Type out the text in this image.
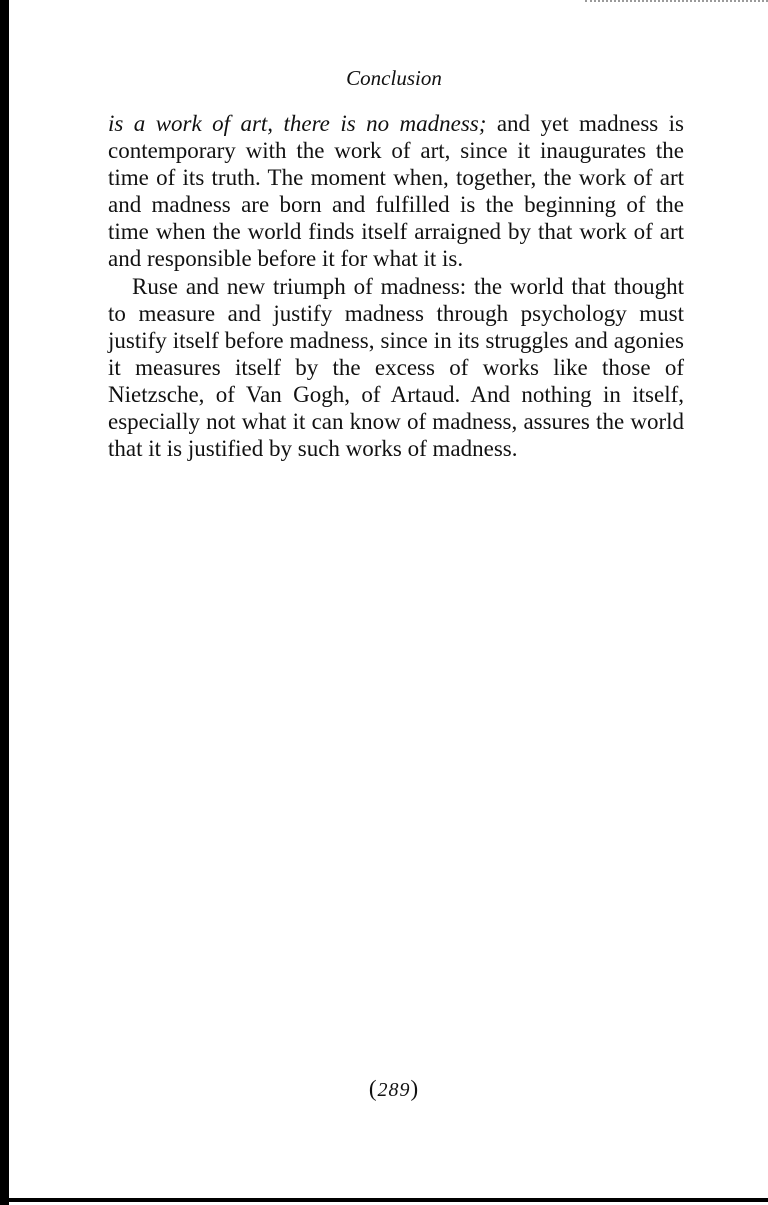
Conclusion

is a work of art, there is no madness; and yet madness is contemporary with the work of art, since it inaugurates the time of its truth. The moment when, together, the work of art and madness are born and fulfilled is the beginning of the time when the world finds itself arraigned by that work of art and responsible before it for what it is.

Ruse and new triumph of madness: the world that thought to measure and justify madness through psychology must justify itself before madness, since in its struggles and agonies it measures itself by the excess of works like those of Nietzsche, of Van Gogh, of Artaud. And nothing in itself, especially not what it can know of madness, assures the world that it is justified by such works of madness.

(289)
